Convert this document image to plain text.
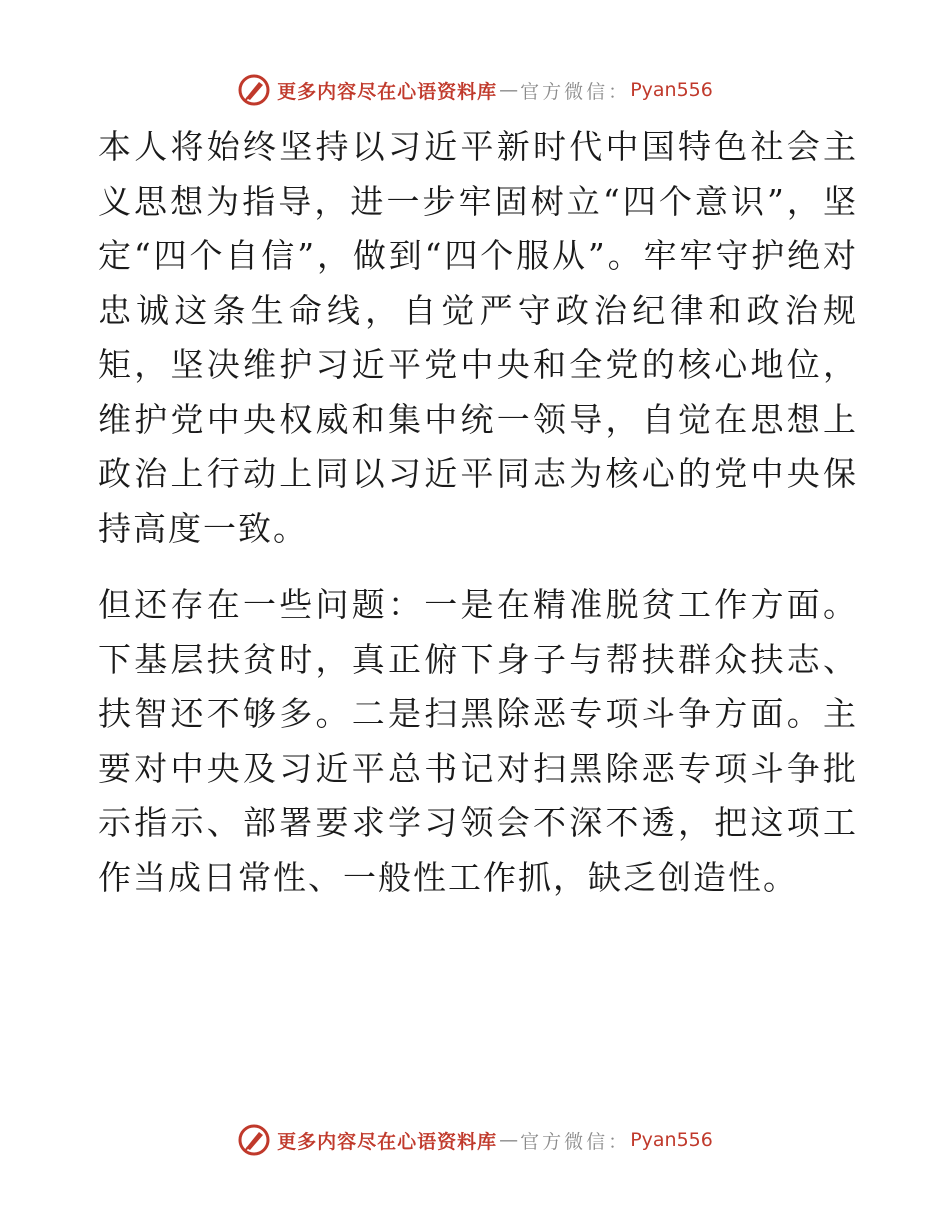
更多内容尽在心语资料库 — 官方微信： Pyan556

本人将始终坚持以习近平新时代中国特色社会主义思想为指导，进一步牢固树立“四个意识”，坚定“四个自信”，做到“四个服从”。牢牢守护绝对忠诚这条生命线，自觉严守政治纪律和政治规矩，坚决维护习近平党中央和全党的核心地位，维护党中央权威和集中统一领导，自觉在思想上政治上行动上同以习近平同志为核心的党中央保持高度一致。

但还存在一些问题：一是在精准脱贫工作方面。下基层扶贫时，真正俯下身子与帮扶群众扶志、扶智还不够多。二是扫黑除恶专项斗争方面。主要对中央及习近平总书记对扫黑除恶专项斗争批示指示、部署要求学习领会不深不透，把这项工作当成日常性、一般性工作抓，缺乏创造性。

更多内容尽在心语资料库 — 官方微信： Pyan556
